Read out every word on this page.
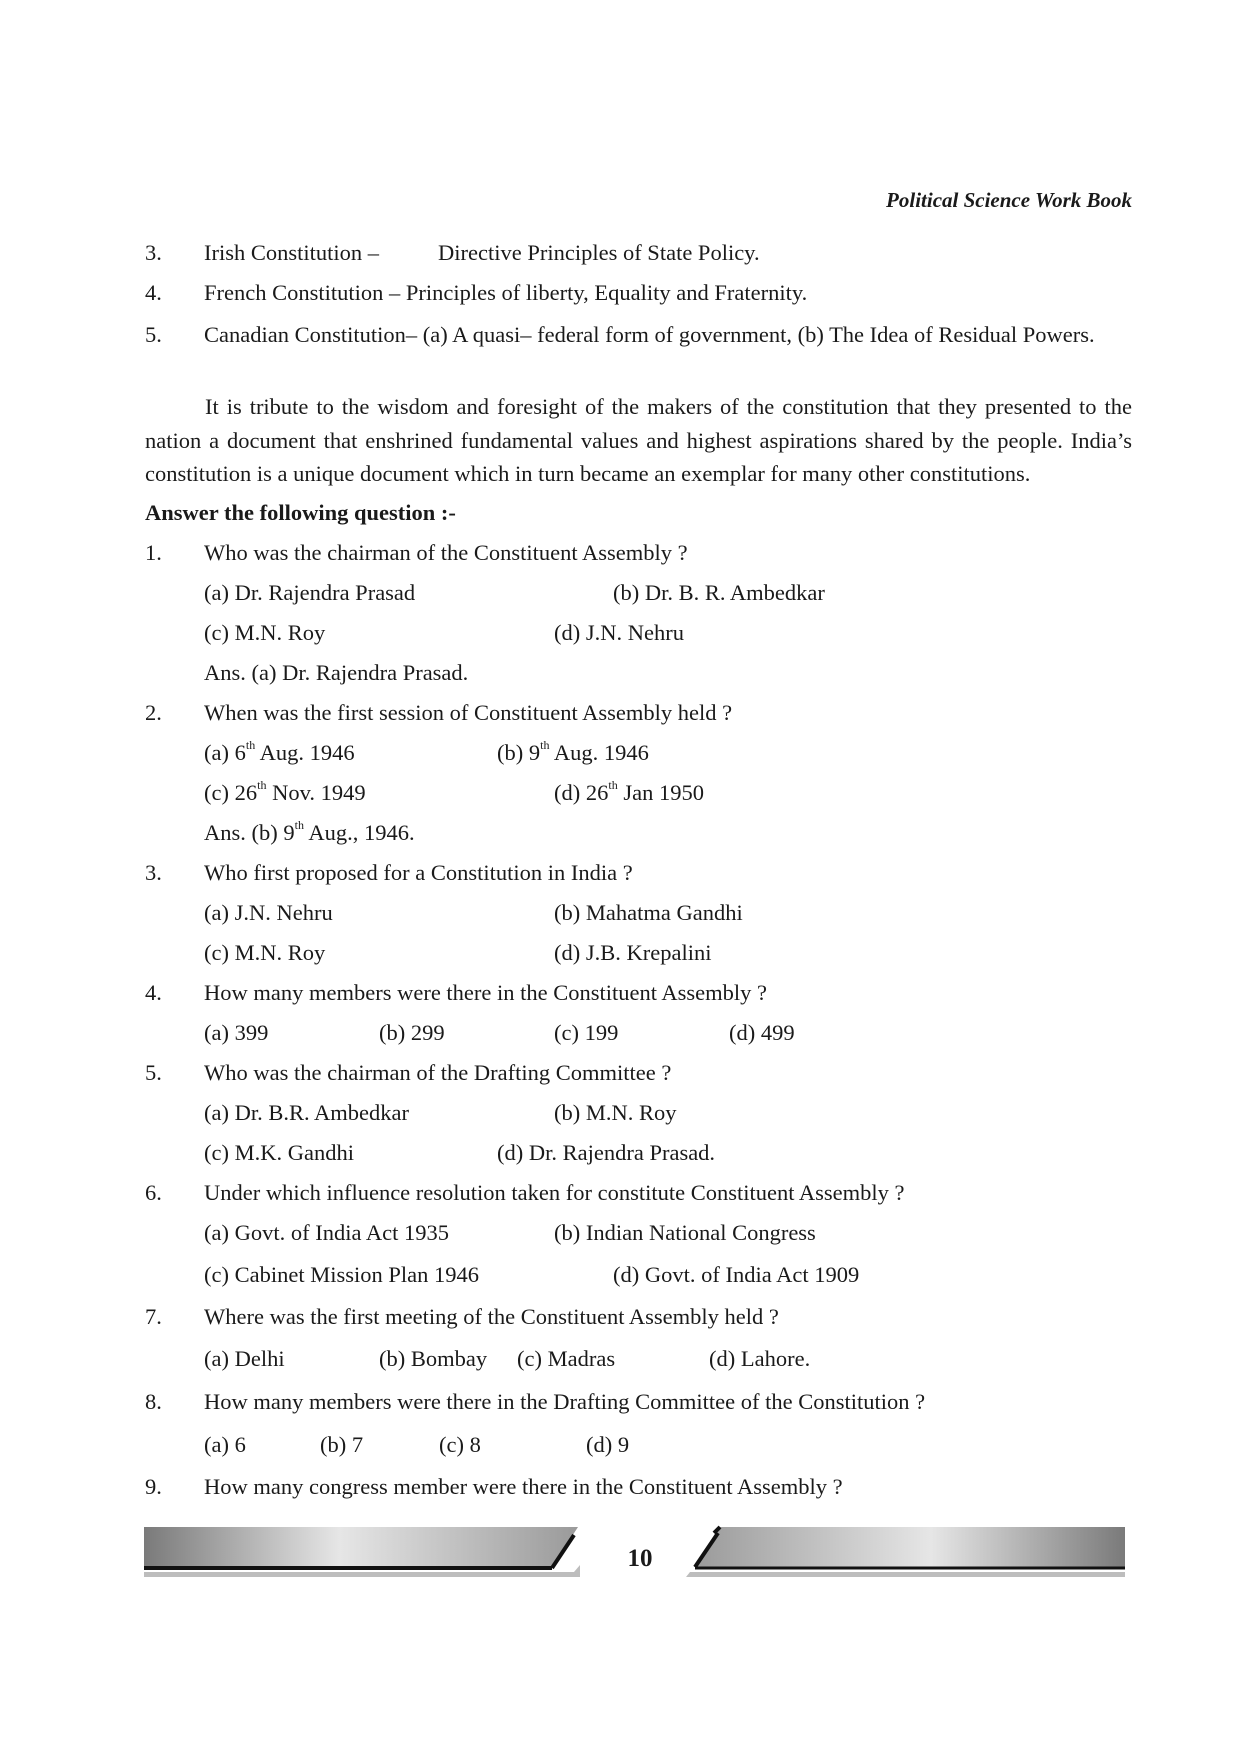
Political Science Work Book
3. Irish Constitution –	Directive Principles of State Policy.
4. French Constitution – Principles of liberty, Equality and Fraternity.
5. Canadian Constitution– (a) A quasi– federal form of government, (b) The Idea of Residual Powers.
It is tribute to the wisdom and foresight of the makers of the constitution that they presented to the nation a document that enshrined fundamental values and highest aspirations shared by the people. India’s constitution is a unique document which in turn became an exemplar for many other constitutions.
Answer the following question :-
1. Who was the chairman of the Constituent Assembly ?
(a) Dr. Rajendra Prasad	(b) Dr. B. R. Ambedkar
(c) M.N. Roy	(d) J.N. Nehru
Ans. (a) Dr. Rajendra Prasad.
2. When was the first session of Constituent Assembly held ?
(a) 6th Aug. 1946	(b) 9th Aug. 1946
(c) 26th Nov. 1949	(d) 26th Jan 1950
Ans. (b) 9th Aug., 1946.
3. Who first proposed for a Constitution in India ?
(a) J.N. Nehru	(b) Mahatma Gandhi
(c) M.N. Roy	(d) J.B. Krepalini
4. How many members were there in the Constituent Assembly ?
(a) 399	(b) 299	(c) 199	(d) 499
5. Who was the chairman of the Drafting Committee ?
(a) Dr. B.R. Ambedkar	(b) M.N. Roy
(c) M.K. Gandhi	(d) Dr. Rajendra Prasad.
6. Under which influence resolution taken for constitute Constituent Assembly ?
(a) Govt. of India Act 1935	(b) Indian National Congress
(c) Cabinet Mission Plan 1946	(d) Govt. of India Act 1909
7. Where was the first meeting of the Constituent Assembly held ?
(a) Delhi	(b) Bombay (c) Madras	(d) Lahore.
8. How many members were there in the Drafting Committee of the Constitution ?
(a) 6	(b) 7	(c) 8	(d) 9
9. How many congress member were there in the Constituent Assembly ?
10
